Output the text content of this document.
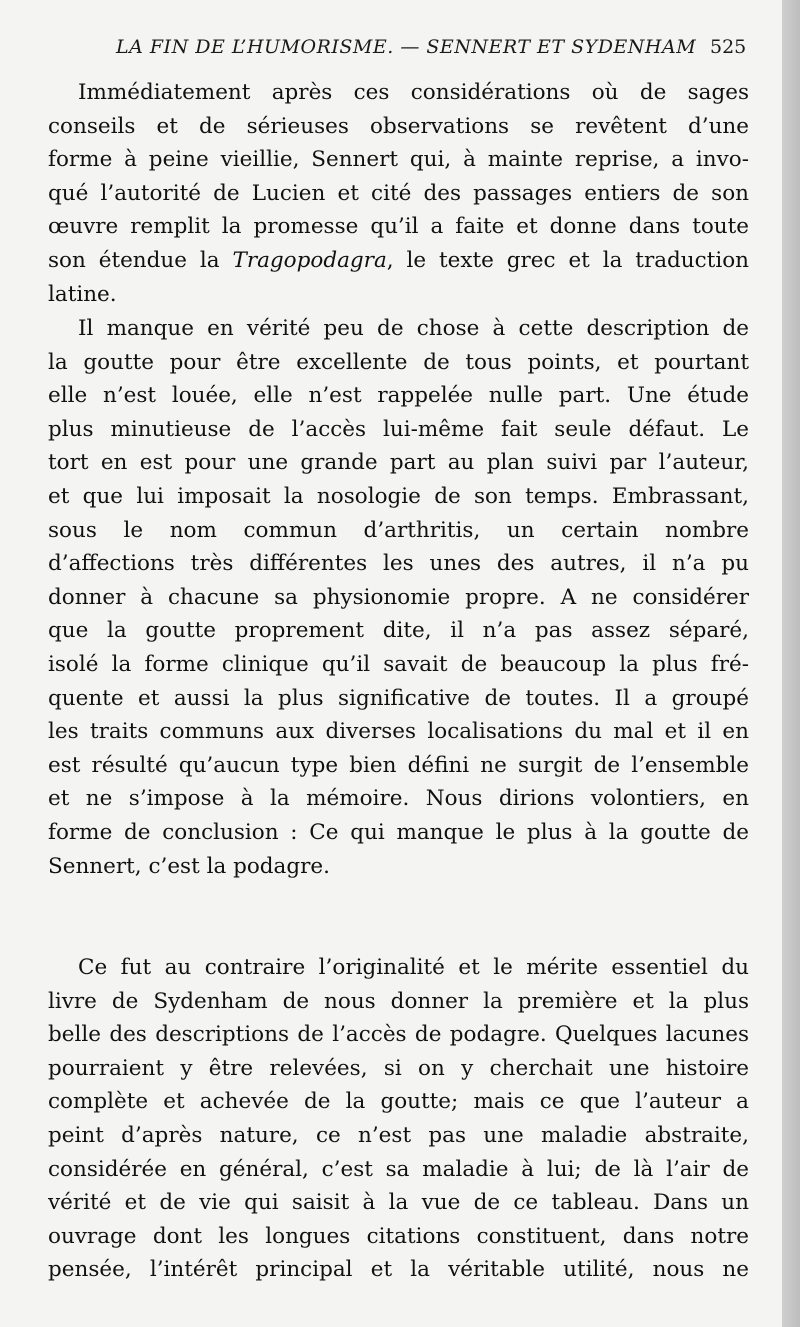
LA FIN DE L’HUMORISME. — SENNERT ET SYDENHAM 525
Immédiatement après ces considérations où de sages
conseils et de sérieuses observations se revêtent d’une
forme à peine vieillie, Sennert qui, à mainte reprise, a invo-
qué l’autorité de Lucien et cité des passages entiers de son
œuvre remplit la promesse qu’il a faite et donne dans toute
son étendue la Tragopodagra, le texte grec et la traduction
latine.
Il manque en vérité peu de chose à cette description de
la goutte pour être excellente de tous points, et pourtant
elle n’est louée, elle n’est rappelée nulle part. Une étude
plus minutieuse de l’accès lui-même fait seule défaut. Le
tort en est pour une grande part au plan suivi par l’auteur,
et que lui imposait la nosologie de son temps. Embrassant,
sous le nom commun d’arthritis, un certain nombre
d’affections très différentes les unes des autres, il n’a pu
donner à chacune sa physionomie propre. A ne considérer
que la goutte proprement dite, il n’a pas assez séparé,
isolé la forme clinique qu’il savait de beaucoup la plus fré-
quente et aussi la plus significative de toutes. Il a groupé
les traits communs aux diverses localisations du mal et il en
est résulté qu’aucun type bien défini ne surgit de l’ensemble
et ne s’impose à la mémoire. Nous dirions volontiers, en
forme de conclusion : Ce qui manque le plus à la goutte de
Sennert, c’est la podagre.
Ce fut au contraire l’originalité et le mérite essentiel du
livre de Sydenham de nous donner la première et la plus
belle des descriptions de l’accès de podagre. Quelques lacunes
pourraient y être relevées, si on y cherchait une histoire
complète et achevée de la goutte; mais ce que l’auteur a
peint d’après nature, ce n’est pas une maladie abstraite,
considérée en général, c’est sa maladie à lui; de là l’air de
vérité et de vie qui saisit à la vue de ce tableau. Dans un
ouvrage dont les longues citations constituent, dans notre
pensée, l’intérêt principal et la véritable utilité, nous ne
